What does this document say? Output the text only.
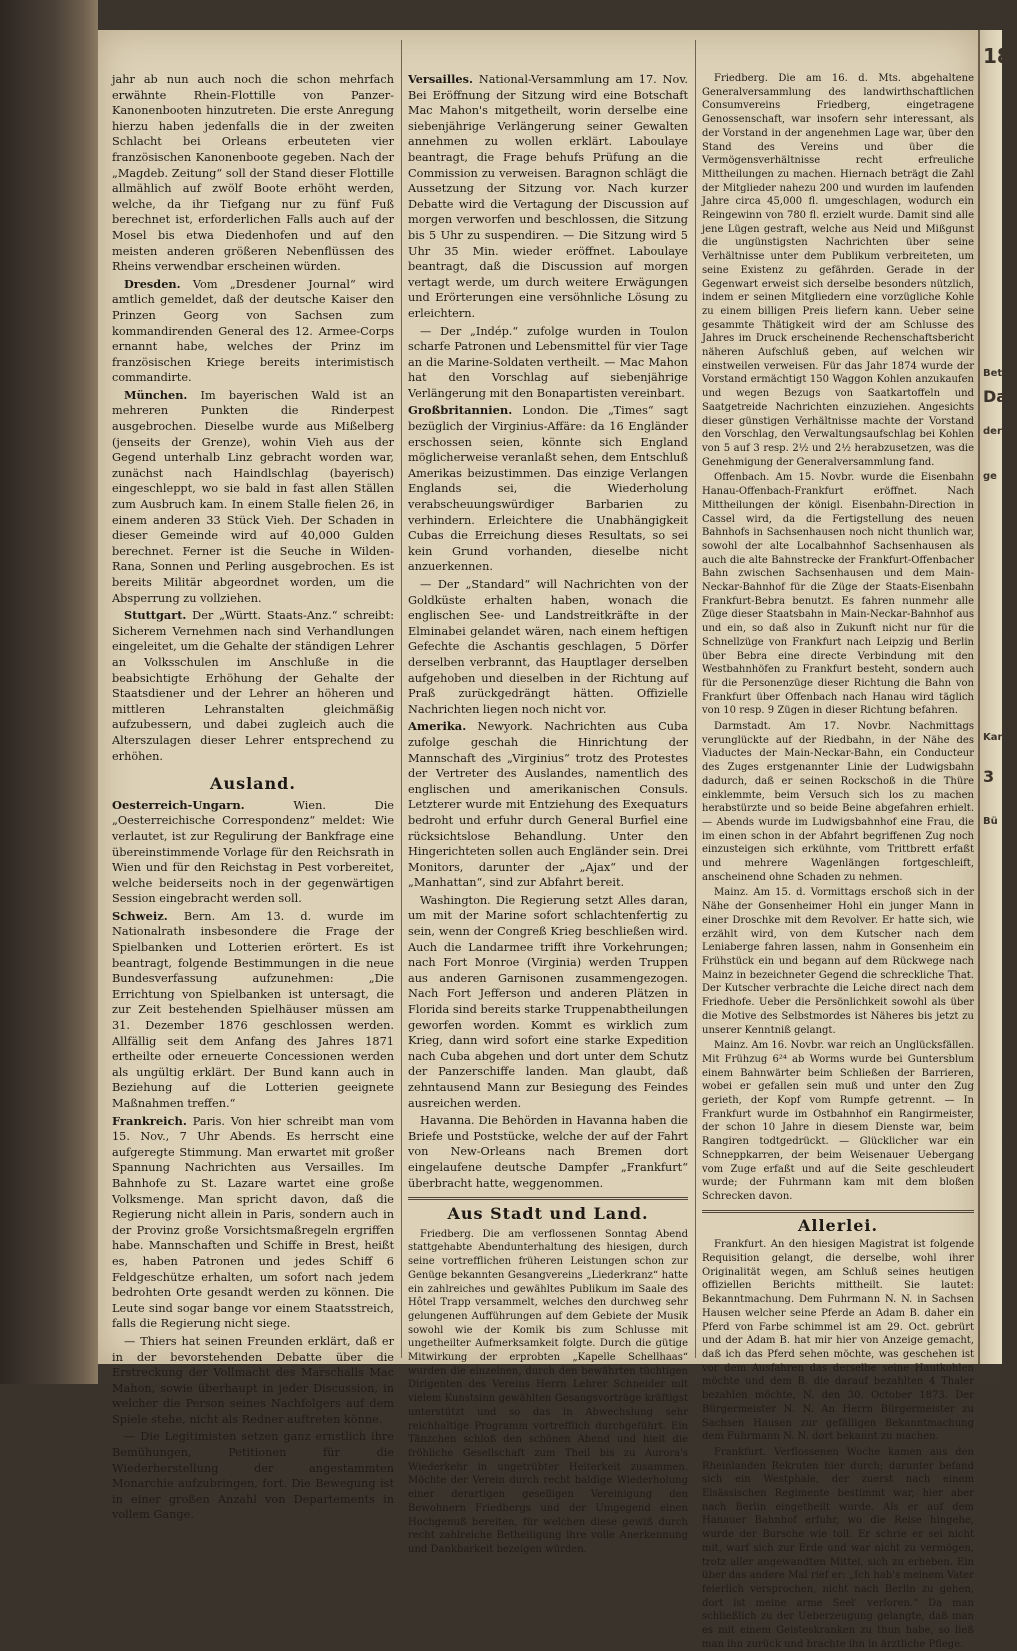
18
Betre
Das
der
ge
Kar
3
Bü

jahr ab nun auch noch die schon mehrfach erwähnte Rhein-Flottille von Panzer-Kanonenbooten hinzutreten. Die erste Anregung hierzu haben jedenfalls die in der zweiten Schlacht bei Orleans erbeuteten vier französischen Kanonenboote gegeben. Nach der „Magdeb. Zeitung“ soll der Stand dieser Flottille allmählich auf zwölf Boote erhöht werden, welche, da ihr Tiefgang nur zu fünf Fuß berechnet ist, erforderlichen Falls auch auf der Mosel bis etwa Diedenhofen und auf den meisten anderen größeren Nebenflüssen des Rheins verwendbar erscheinen würden.

Dresden. Vom „Dresdener Journal“ wird amtlich gemeldet, daß der deutsche Kaiser den Prinzen Georg von Sachsen zum kommandirenden General des 12. Armee-Corps ernannt habe, welches der Prinz im französischen Kriege bereits interimistisch commandirte.

München. Im bayerischen Wald ist an mehreren Punkten die Rinderpest ausgebrochen. Dieselbe wurde aus Mißelberg (jenseits der Grenze), wohin Vieh aus der Gegend unterhalb Linz gebracht worden war, zunächst nach Haindlschlag (bayerisch) eingeschleppt, wo sie bald in fast allen Ställen zum Ausbruch kam. In einem Stalle fielen 26, in einem anderen 33 Stück Vieh. Der Schaden in dieser Gemeinde wird auf 40,000 Gulden berechnet. Ferner ist die Seuche in Wilden-Rana, Sonnen und Perling ausgebrochen. Es ist bereits Militär abgeordnet worden, um die Absperrung zu vollziehen.

Stuttgart. Der „Württ. Staats-Anz.“ schreibt: Sicherem Vernehmen nach sind Verhandlungen eingeleitet, um die Gehalte der ständigen Lehrer an Volksschulen im Anschluße in die beabsichtigte Erhöhung der Gehalte der Staatsdiener und der Lehrer an höheren und mittleren Lehranstalten gleichmäßig aufzubessern, und dabei zugleich auch die Alterszulagen dieser Lehrer entsprechend zu erhöhen.

Ausland.

Oesterreich-Ungarn.	Wien. Die „Oesterreichische Correspondenz“ meldet: Wie verlautet, ist zur Regulirung der Bankfrage eine übereinstimmende Vorlage für den Reichsrath in Wien und für den Reichstag in Pest vorbereitet, welche beiderseits noch in der gegenwärtigen Session eingebracht werden soll.

Schweiz. Bern. Am 13. d. wurde im Nationalrath insbesondere die Frage der Spielbanken und Lotterien erörtert. Es ist beantragt, folgende Bestimmungen in die neue Bundesverfassung aufzunehmen: „Die Errichtung von Spielbanken ist untersagt, die zur Zeit bestehenden Spielhäuser müssen am 31. Dezember 1876 geschlossen werden. Allfällig seit dem Anfang des Jahres 1871 ertheilte oder erneuerte Concessionen werden als ungültig erklärt. Der Bund kann auch in Beziehung auf die Lotterien geeignete Maßnahmen treffen.“

Frankreich. Paris. Von hier schreibt man vom 15. Nov., 7 Uhr Abends. Es herrscht eine aufgeregte Stimmung. Man erwartet mit großer Spannung Nachrichten aus Versailles. Im Bahnhofe zu St. Lazare wartet eine große Volksmenge. Man spricht davon, daß die Regierung nicht allein in Paris, sondern auch in der Provinz große Vorsichtsmaßregeln ergriffen habe. Mannschaften und Schiffe in Brest, heißt es, haben Patronen und jedes Schiff 6 Feldgeschütze erhalten, um sofort nach jedem bedrohten Orte gesandt werden zu können. Die Leute sind sogar bange vor einem Staatsstreich, falls die Regierung nicht siege.

— Thiers hat seinen Freunden erklärt, daß er in der bevorstehenden Debatte über die Erstreckung der Vollmacht des Marschalls Mac Mahon, sowie überhaupt in jeder Discussion, in welcher die Person seines Nachfolgers auf dem Spiele stehe, nicht als Redner auftreten könne.

— Die Legitimisten setzen ganz ernstlich ihre Bemühungen, Petitionen für die Wiederherstellung der angestammten Monarchie aufzubringen, fort. Die Bewegung ist in einer großen Anzahl von Departements in vollem Gange.

Versailles. National-Versammlung am 17. Nov. Bei Eröffnung der Sitzung wird eine Botschaft Mac Mahon's mitgetheilt, worin derselbe eine siebenjährige Verlängerung seiner Gewalten annehmen zu wollen erklärt. Laboulaye beantragt, die Frage behufs Prüfung an die Commission zu verweisen. Baragnon schlägt die Aussetzung der Sitzung vor. Nach kurzer Debatte wird die Vertagung der Discussion auf morgen verworfen und beschlossen, die Sitzung bis 5 Uhr zu suspendiren. — Die Sitzung wird 5 Uhr 35 Min. wieder eröffnet. Laboulaye beantragt, daß die Discussion auf morgen vertagt werde, um durch weitere Erwägungen und Erörterungen eine versöhnliche Lösung zu erleichtern.

— Der „Indép.“ zufolge wurden in Toulon scharfe Patronen und Lebensmittel für vier Tage an die Marine-Soldaten vertheilt. — Mac Mahon hat den Vorschlag auf siebenjährige Verlängerung mit den Bonapartisten vereinbart.

Großbritannien. London. Die „Times“ sagt bezüglich der Virginius-Affäre: da 16 Engländer erschossen seien, könnte sich England möglicherweise veranlaßt sehen, dem Entschluß Amerikas beizustimmen. Das einzige Verlangen Englands sei, die Wiederholung verabscheuungswürdiger Barbarien zu verhindern. Erleichtere die Unabhängigkeit Cubas die Erreichung dieses Resultats, so sei kein Grund vorhanden, dieselbe nicht anzuerkennen.

— Der „Standard“ will Nachrichten von der Goldküste erhalten haben, wonach die englischen See- und Landstreitkräfte in der Elminabei gelandet wären, nach einem heftigen Gefechte die Aschantis geschlagen, 5 Dörfer derselben verbrannt, das Hauptlager derselben aufgehoben und dieselben in der Richtung auf Praß zurückgedrängt hätten. Offizielle Nachrichten liegen noch nicht vor.

Amerika. Newyork. Nachrichten aus Cuba zufolge geschah die Hinrichtung der Mannschaft des „Virginius“ trotz des Protestes der Vertreter des Auslandes, namentlich des englischen und amerikanischen Consuls. Letzterer wurde mit Entziehung des Exequaturs bedroht und erfuhr durch General Burfiel eine rücksichtslose Behandlung. Unter den Hingerichteten sollen auch Engländer sein. Drei Monitors, darunter der „Ajax“ und der „Manhattan“, sind zur Abfahrt bereit.

Washington. Die Regierung setzt Alles daran, um mit der Marine sofort schlachtenfertig zu sein, wenn der Congreß Krieg beschließen wird. Auch die Landarmee trifft ihre Vorkehrungen; nach Fort Monroe (Virginia) werden Truppen aus anderen Garnisonen zusammengezogen. Nach Fort Jefferson und anderen Plätzen in Florida sind bereits starke Truppenabtheilungen geworfen worden. Kommt es wirklich zum Krieg, dann wird sofort eine starke Expedition nach Cuba abgehen und dort unter dem Schutz der Panzerschiffe landen. Man glaubt, daß zehntausend Mann zur Besiegung des Feindes ausreichen werden.

Havanna. Die Behörden in Havanna haben die Briefe und Poststücke, welche der auf der Fahrt von New-Orleans nach Bremen dort eingelaufene deutsche Dampfer „Frankfurt“ überbracht hatte, weggenommen.

Aus Stadt und Land.

Friedberg. Die am verflossenen Sonntag Abend stattgehabte Abendunterhaltung des hiesigen, durch seine vortrefflichen früheren Leistungen schon zur Genüge bekannten Gesangvereins „Liederkranz“ hatte ein zahlreiches und gewähltes Publikum im Saale des Hôtel Trapp versammelt, welches den durchweg sehr gelungenen Aufführungen auf dem Gebiete der Musik sowohl wie der Komik bis zum Schlusse mit ungetheilter Aufmerksamkeit folgte. Durch die gütige Mitwirkung der erprobten „Kapelle Schellhaas“ wurden die einzelnen, durch den bewährten tüchtigen Dirigenten des Vereins Herrn Lehrer Schneider mit vielem Kunstsinn gewählten Gesangsvorträge kräftigst unterstützt und so das in Abwechslung sehr reichhaltige Programm vortrefflich durchgeführt. Ein Tänzchen schloß den schönen Abend und hielt die fröhliche Gesellschaft zum Theil bis zu Aurora's Wiederkehr in ungetrübter Heiterkeit zusammen. Möchte der Verein durch recht baldige Wiederholung einer derartigen geselligen Vereinigung den Bewohnern Friedbergs und der Umgegend einen Hochgenuß bereiten, für welchen diese gewiß durch recht zahlreiche Betheiligung ihre volle Anerkennung und Dankbarkeit bezeigen würden.

Friedberg. Die am 16. d. Mts. abgehaltene Generalversammlung des landwirthschaftlichen Consumvereins Friedberg, eingetragene Genossenschaft, war insofern sehr interessant, als der Vorstand in der angenehmen Lage war, über den Stand des Vereins und über die Vermögensverhältnisse recht erfreuliche Mittheilungen zu machen. Hiernach beträgt die Zahl der Mitglieder nahezu 200 und wurden im laufenden Jahre circa 45,000 fl. umgeschlagen, wodurch ein Reingewinn von 780 fl. erzielt wurde. Damit sind alle jene Lügen gestraft, welche aus Neid und Mißgunst die ungünstigsten Nachrichten über seine Verhältnisse unter dem Publikum verbreiteten, um seine Existenz zu gefährden. Gerade in der Gegenwart erweist sich derselbe besonders nützlich, indem er seinen Mitgliedern eine vorzügliche Kohle zu einem billigen Preis liefern kann. Ueber seine gesammte Thätigkeit wird der am Schlusse des Jahres im Druck erscheinende Rechenschaftsbericht näheren Aufschluß geben, auf welchen wir einstweilen verweisen. Für das Jahr 1874 wurde der Vorstand ermächtigt 150 Waggon Kohlen anzukaufen und wegen Bezugs von Saatkartoffeln und Saatgetreide Nachrichten einzuziehen. Angesichts dieser günstigen Verhältnisse machte der Vorstand den Vorschlag, den Verwaltungsaufschlag bei Kohlen von 5 auf 3 resp. 2½ und 2½ herabzusetzen, was die Genehmigung der Generalversammlung fand.

Offenbach. Am 15. Novbr. wurde die Eisenbahn Hanau-Offenbach-Frankfurt eröffnet. Nach Mittheilungen der königl. Eisenbahn-Direction in Cassel wird, da die Fertigstellung des neuen Bahnhofs in Sachsenhausen noch nicht thunlich war, sowohl der alte Localbahnhof Sachsenhausen als auch die alte Bahnstrecke der Frankfurt-Offenbacher Bahn zwischen Sachsenhausen und dem Main-Neckar-Bahnhof für die Züge der Staats-Eisenbahn Frankfurt-Bebra benutzt. Es fahren nunmehr alle Züge dieser Staatsbahn in Main-Neckar-Bahnhof aus und ein, so daß also in Zukunft nicht nur für die Schnellzüge von Frankfurt nach Leipzig und Berlin über Bebra eine directe Verbindung mit den Westbahnhöfen zu Frankfurt besteht, sondern auch für die Personenzüge dieser Richtung die Bahn von Frankfurt über Offenbach nach Hanau wird täglich von 10 resp. 9 Zügen in dieser Richtung befahren.

Darmstadt. Am 17. Novbr. Nachmittags verunglückte auf der Riedbahn, in der Nähe des Viaductes der Main-Neckar-Bahn, ein Conducteur des Zuges erstgenannter Linie der Ludwigsbahn dadurch, daß er seinen Rockschoß in die Thüre einklemmte, beim Versuch sich los zu machen herabstürzte und so beide Beine abgefahren erhielt. — Abends wurde im Ludwigsbahnhof eine Frau, die im einen schon in der Abfahrt begriffenen Zug noch einzusteigen sich erkühnte, vom Trittbrett erfaßt und mehrere Wagenlängen fortgeschleift, anscheinend ohne Schaden zu nehmen.

Mainz. Am 15. d. Vormittags erschoß sich in der Nähe der Gonsenheimer Hohl ein junger Mann in einer Droschke mit dem Revolver. Er hatte sich, wie erzählt wird, von dem Kutscher nach dem Leniaberge fahren lassen, nahm in Gonsenheim ein Frühstück ein und begann auf dem Rückwege nach Mainz in bezeichneter Gegend die schreckliche That. Der Kutscher verbrachte die Leiche direct nach dem Friedhofe. Ueber die Persönlichkeit sowohl als über die Motive des Selbstmordes ist Näheres bis jetzt zu unserer Kenntniß gelangt.

Mainz. Am 16. Novbr. war reich an Unglücksfällen. Mit Frühzug 6²⁴ ab Worms wurde bei Guntersblum einem Bahnwärter beim Schließen der Barrieren, wobei er gefallen sein muß und unter den Zug gerieth, der Kopf vom Rumpfe getrennt. — In Frankfurt wurde im Ostbahnhof ein Rangirmeister, der schon 10 Jahre in diesem Dienste war, beim Rangiren todtgedrückt. — Glücklicher war ein Schneppkarren, der beim Weisenauer Uebergang vom Zuge erfaßt und auf die Seite geschleudert wurde; der Fuhrmann kam mit dem bloßen Schrecken davon.

Allerlei.

Frankfurt. An den hiesigen Magistrat ist folgende Requisition gelangt, die derselbe, wohl ihrer Originalität wegen, am Schluß seines heutigen offiziellen Berichts mittheilt. Sie lautet: Bekanntmachung. Dem Fuhrmann N. N. in Sachsen Hausen welcher seine Pferde an Adam B. daher ein Pferd von Farbe schimmel ist am 29. Oct. gebrürt und der Adam B. hat mir hier von Anzeige gemacht, daß ich das Pferd sehen möchte, was geschehen ist vor dem Ausfahren das derselbe seine Hautkohlen möchte und dem B. die darauf bezahlten 4 Thaler bezahlen möchte, N. den 30. October 1873. Der Bürgermeister N. N. An Herrn Bürgermeister zu Sachsen Hausen zur gefälligen Bekanntmachung dem Fuhrmann N. N. dort bekannt zu machen.

Frankfurt. Verflossenen Woche kamen aus den Rheinlanden Rekruten hier durch; darunter befand sich ein Westphale, der zuerst nach einem Elsässischen Regimente bestimmt war, hier aber nach Berlin eingetheilt wurde. Als er auf dem Hanauer Bahnhof erfuhr, wo die Reise hingehe, wurde der Bursche wie toll. Er schrie er sei nicht mit, warf sich zur Erde und war nicht zu vermögen, trotz aller angewandten Mittel, sich zu erheben. Ein über das andere Mal rief er: „Ich hab's meinem Vater feierlich versprochen, nicht nach Berlin zu gehen, dort ist meine arme Seel' verloren.“ Da man schließlich zu der Ueberzeugung gelangte, daß man es mit einem Geisteskranken zu thun habe, so ließ man ihn zurück und brachte ihn in ärztliche Pflege.
